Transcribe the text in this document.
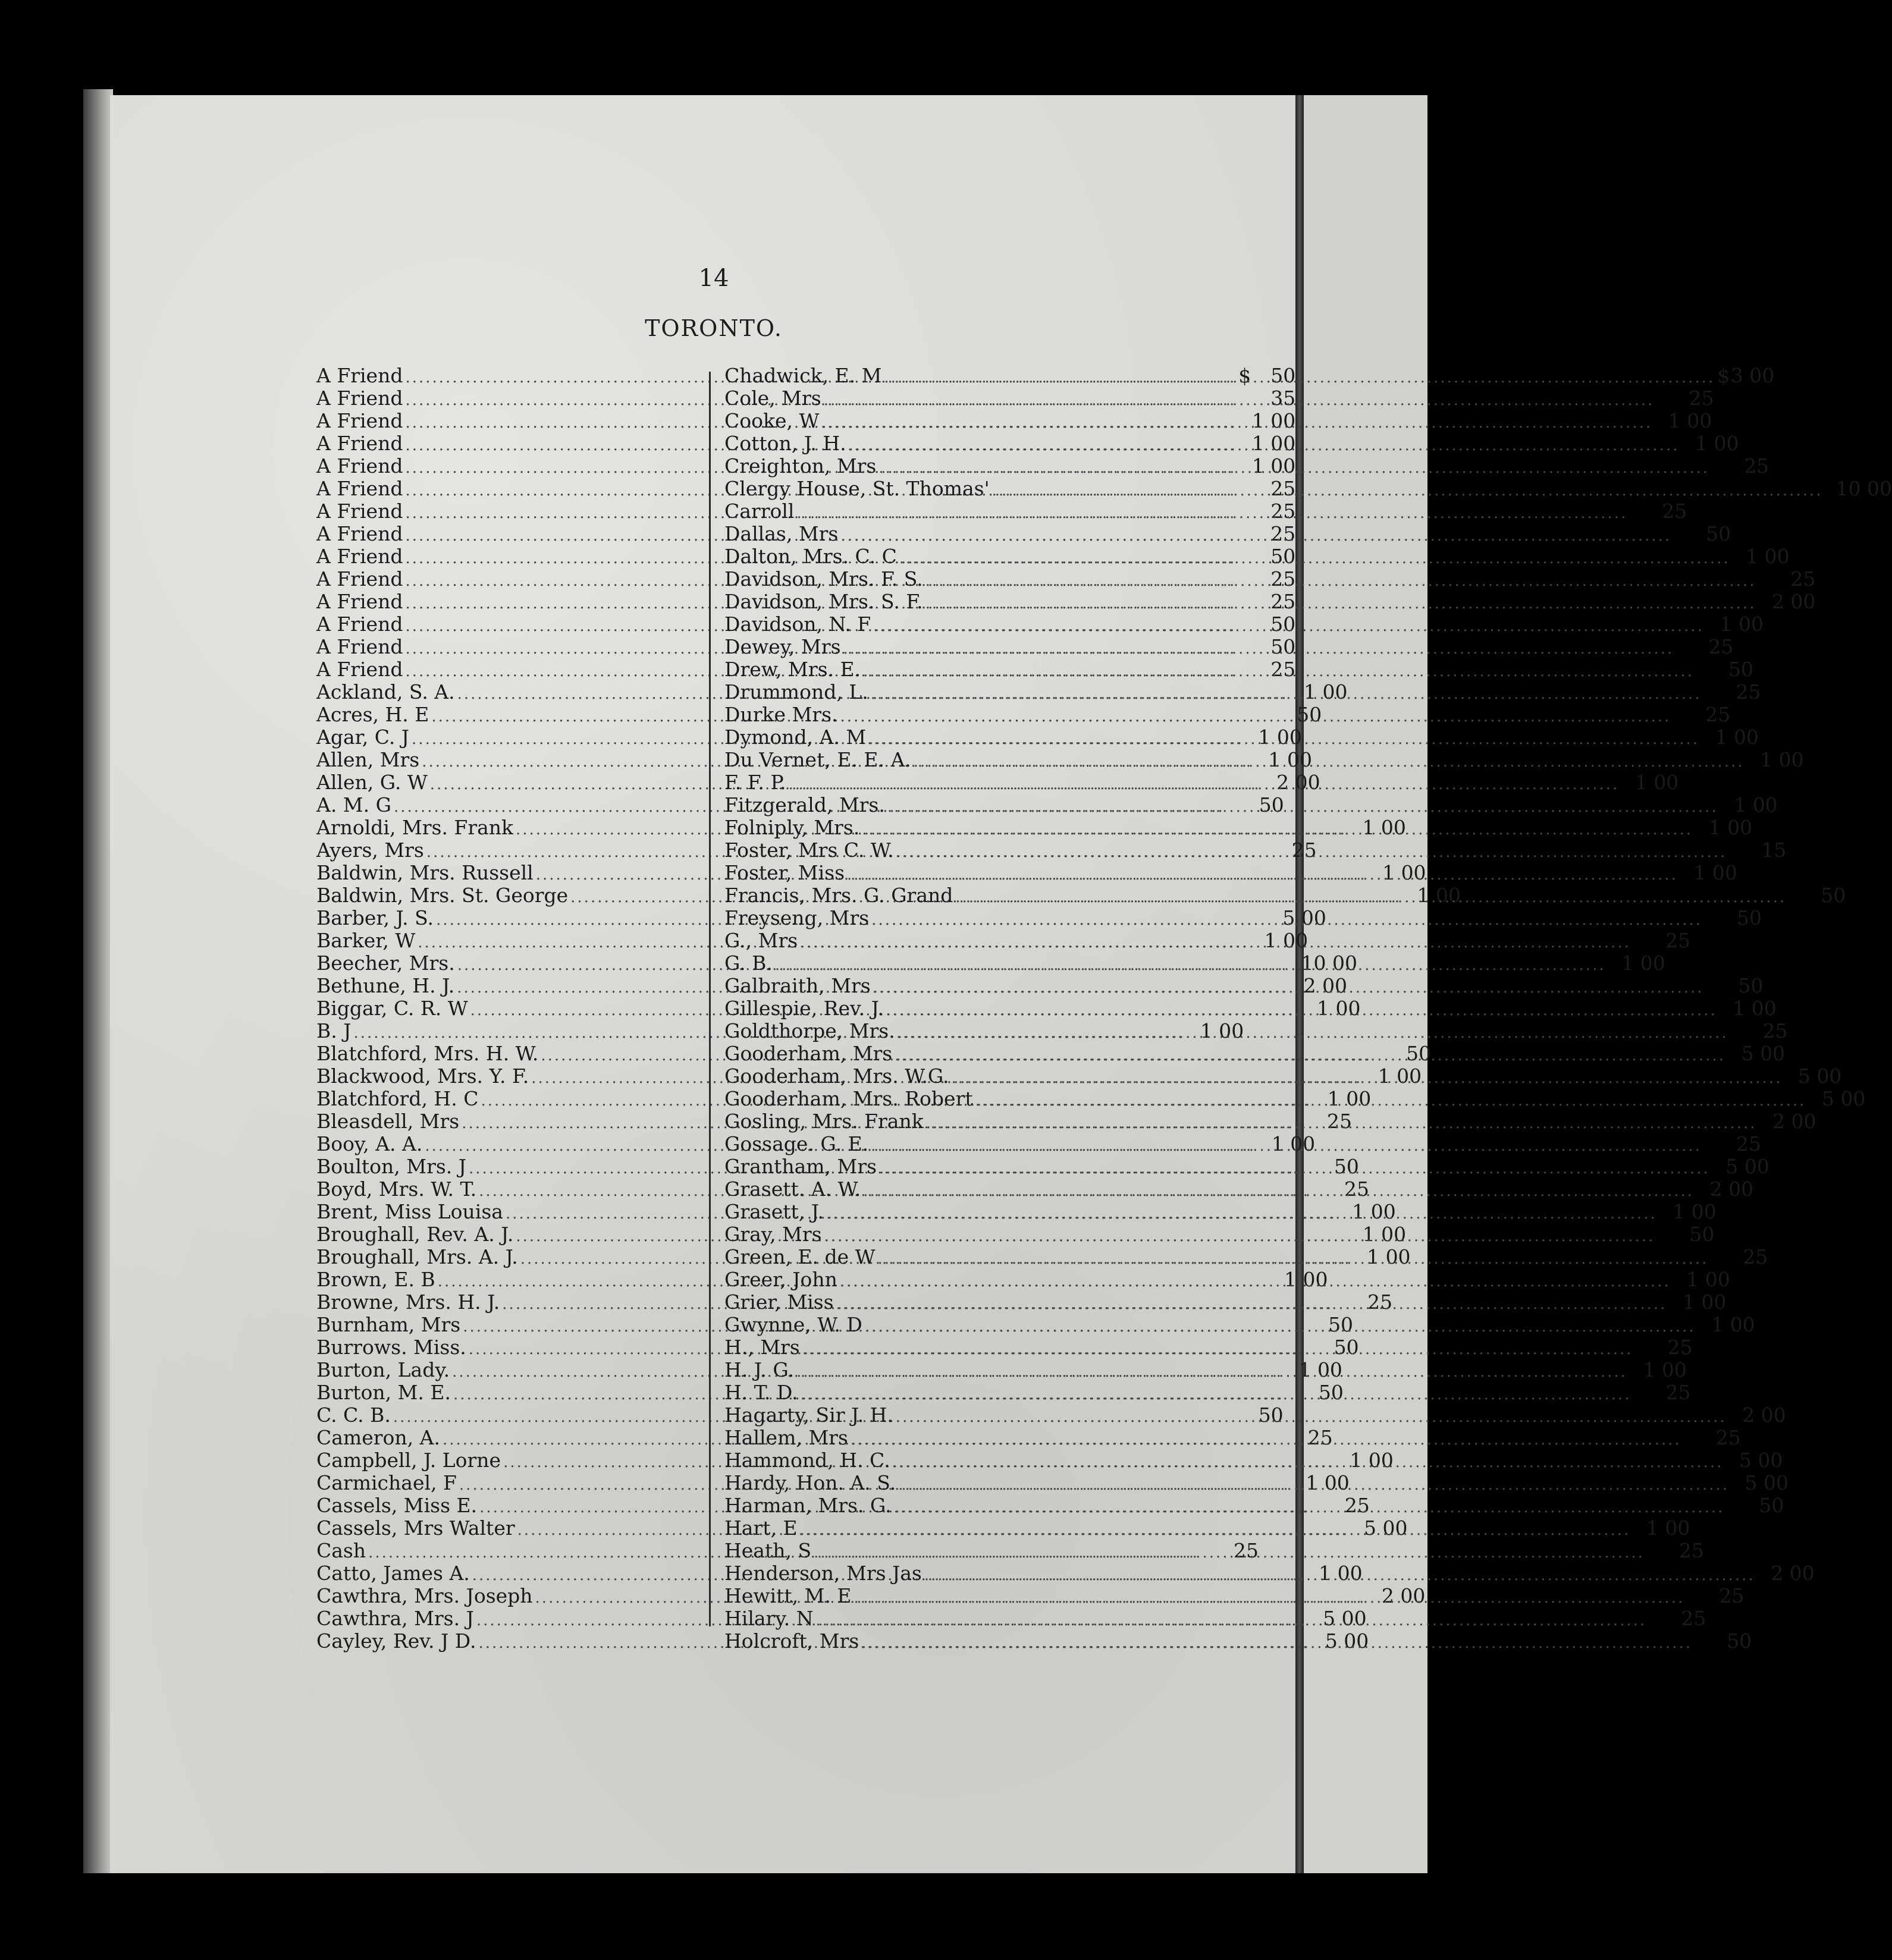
14
TORONTO.
A Friend .....	$	50
A Friend .....	35
A Friend .....	1 00
A Friend .....	1 00
A Friend .....	1 00
A Friend .....	25
A Friend .....	25
A Friend .....	25
A Friend .....	50
A Friend .....	25
A Friend .....	25
A Friend .....	50
A Friend .....	50
A Friend .....	25
Ackland, S. A. .....	1 00
Acres, H. E .....	50
Agar, C. J .....	1 00
Allen, Mrs .....	1 00
Allen, G. W .....	2 00
A. M. G .....	50
Arnoldi, Mrs. Frank .....	1 00
Ayers, Mrs .....	25
Baldwin, Mrs. Russell .....	1 00
Baldwin, Mrs. St. George .....	1 00
Barber, J. S. .....	5 00
Barker, W .....	1 00
Beecher, Mrs. .....	10 00
Bethune, H. J. .....	2 00
Biggar, C. R. W .....	1 00
B. J .....	1 00
Blatchford, Mrs. H. W. .....	50
Blackwood, Mrs. Y. F. .....	1 00
Blatchford, H. C .....	1 00
Bleasdell, Mrs .....	25
Booy, A. A. .....	1 00
Boulton, Mrs. J .....	50
Boyd, Mrs. W. T. .....	25
Brent, Miss Louisa .....	1 00
Broughall, Rev. A. J. .....	1 00
Broughall, Mrs. A. J. .....	1 00
Brown, E. B .....	1 00
Browne, Mrs. H. J. .....	25
Burnham, Mrs .....	50
Burrows. Miss. .....	50
Burton, Lady. .....	1 00
Burton, M. E. .....	50
C. C. B. .....	50
Cameron, A. .....	25
Campbell, J. Lorne .....	1 00
Carmichael, F .....	1 00
Cassels, Miss E. .....	25
Cassels, Mrs Walter .....	5 00
Cash .....	25
Catto, James A. .....	1 00
Cawthra, Mrs. Joseph .....	2 00
Cawthra, Mrs. J .....	5 00
Cayley, Rev. J D. .....	5 00
Chadwick, E. M .....	$ 3 00
Cole, Mrs .....	25
Cooke, W .....	1 00
Cotton, J. H. .....	1 00
Creighton, Mrs .....	25
Clergy House, St. Thomas' .....	10 00
Carroll .....	25
Dallas, Mrs .....	50
Dalton, Mrs. C. C .....	1 00
Davidson, Mrs. F. S. .....	25
Davidson, Mrs. S. F. .....	2 00
Davidson, N. F .....	1 00
Dewey, Mrs .....	25
Drew, Mrs. E. .....	50
Drummond, L. .....	25
Durke Mrs. .....	25
Dymond, A. M .....	1 00
Du Vernet, E. E. A. .....	1 00
F. F. P. .....	1 00
Fitzgerald, Mrs. .....	1 00
Folniply, Mrs. .....	1 00
Foster, Mrs C. W. .....	15
Foster, Miss .....	1 00
Francis, Mrs. G. Grand .....	50
Freyseng, Mrs .....	50
G., Mrs .....	25
G. B. .....	1 00
Galbraith, Mrs .....	50
Gillespie, Rev. J. .....	1 00
Goldthorpe, Mrs. .....	25
Gooderham, Mrs .....	5 00
Gooderham, Mrs. W.G. .....	5 00
Gooderham, Mrs. Robert .....	5 00
Gosling, Mrs. Frank .....	2 00
Gossage. G. E. .....	25
Grantham, Mrs .....	5 00
Grasett. A. W. .....	2 00
Grasett, J. .....	1 00
Gray, Mrs .....	50
Green, E. de W .....	25
Greer, John .....	1 00
Grier, Miss .....	1 00
Gwynne, W. D .....	1 00
H., Mrs .....	25
H. J. G. .....	1 00
H. T. D. .....	25
Hagarty, Sir J. H. .....	2 00
Hallem, Mrs .....	25
Hammond, H. C. .....	5 00
Hardy, Hon. A. S. .....	5 00
Harman, Mrs. G. .....	50
Hart, E .....	1 00
Heath, S .....	25
Henderson, Mrs Jas .....	2 00
Hewitt, M. E .....	25
Hilary. N .....	25
Holcroft, Mrs .....	50
